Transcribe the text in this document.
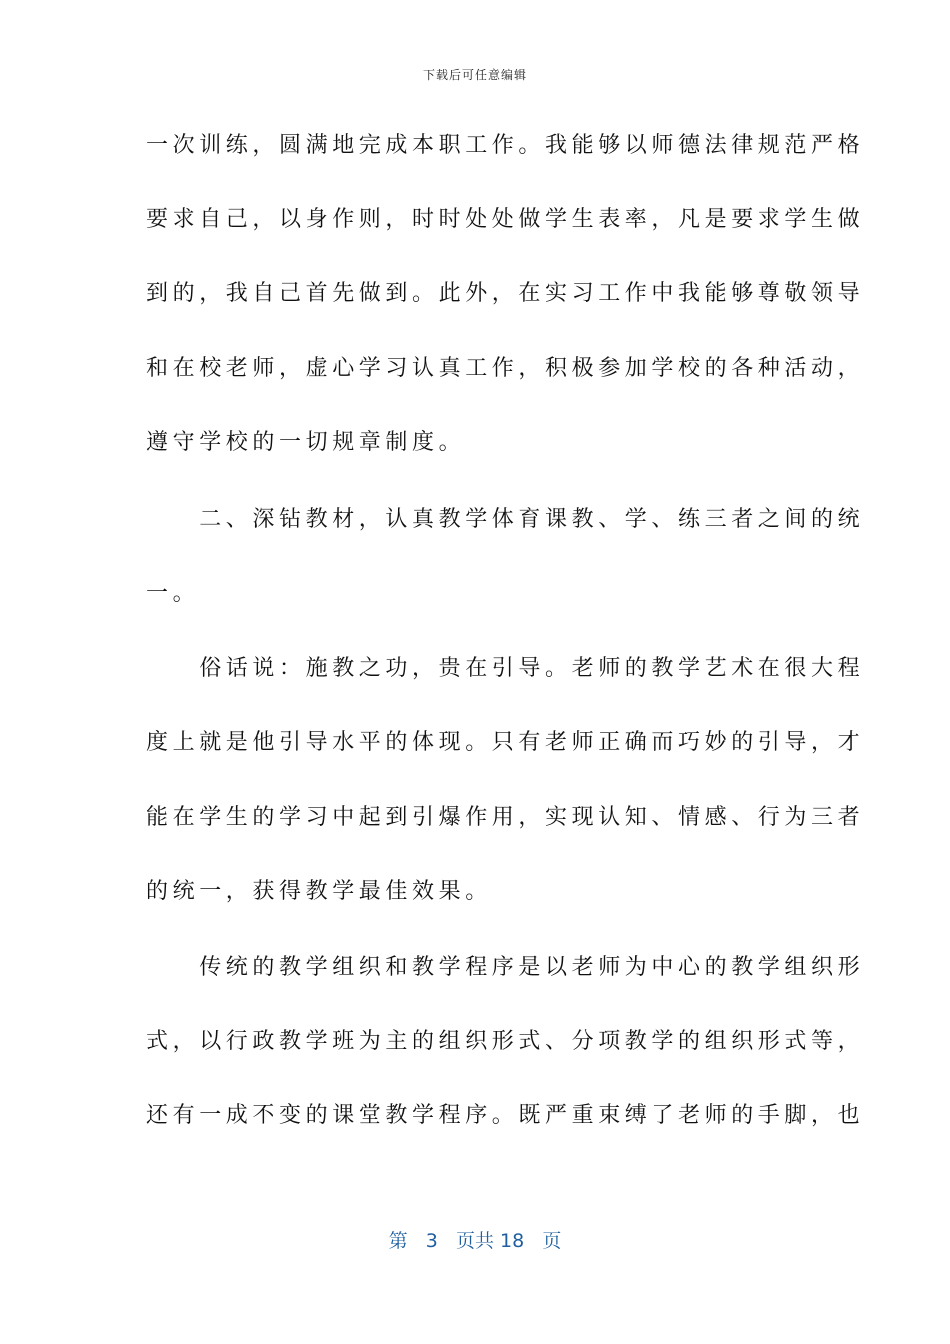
下载后可任意编辑
一次训练，圆满地完成本职工作。我能够以师德法律规范严格
要求自己，以身作则，时时处处做学生表率，凡是要求学生做
到的，我自己首先做到。此外，在实习工作中我能够尊敬领导
和在校老师，虚心学习认真工作，积极参加学校的各种活动，
遵守学校的一切规章制度。
　　二、深钻教材，认真教学体育课教、学、练三者之间的统
一。
　　俗话说：施教之功，贵在引导。老师的教学艺术在很大程
度上就是他引导水平的体现。只有老师正确而巧妙的引导，才
能在学生的学习中起到引爆作用，实现认知、情感、行为三者
的统一，获得教学最佳效果。
　　传统的教学组织和教学程序是以老师为中心的教学组织形
式，以行政教学班为主的组织形式、分项教学的组织形式等，
还有一成不变的课堂教学程序。既严重束缚了老师的手脚，也
第 3 页共 18 页
